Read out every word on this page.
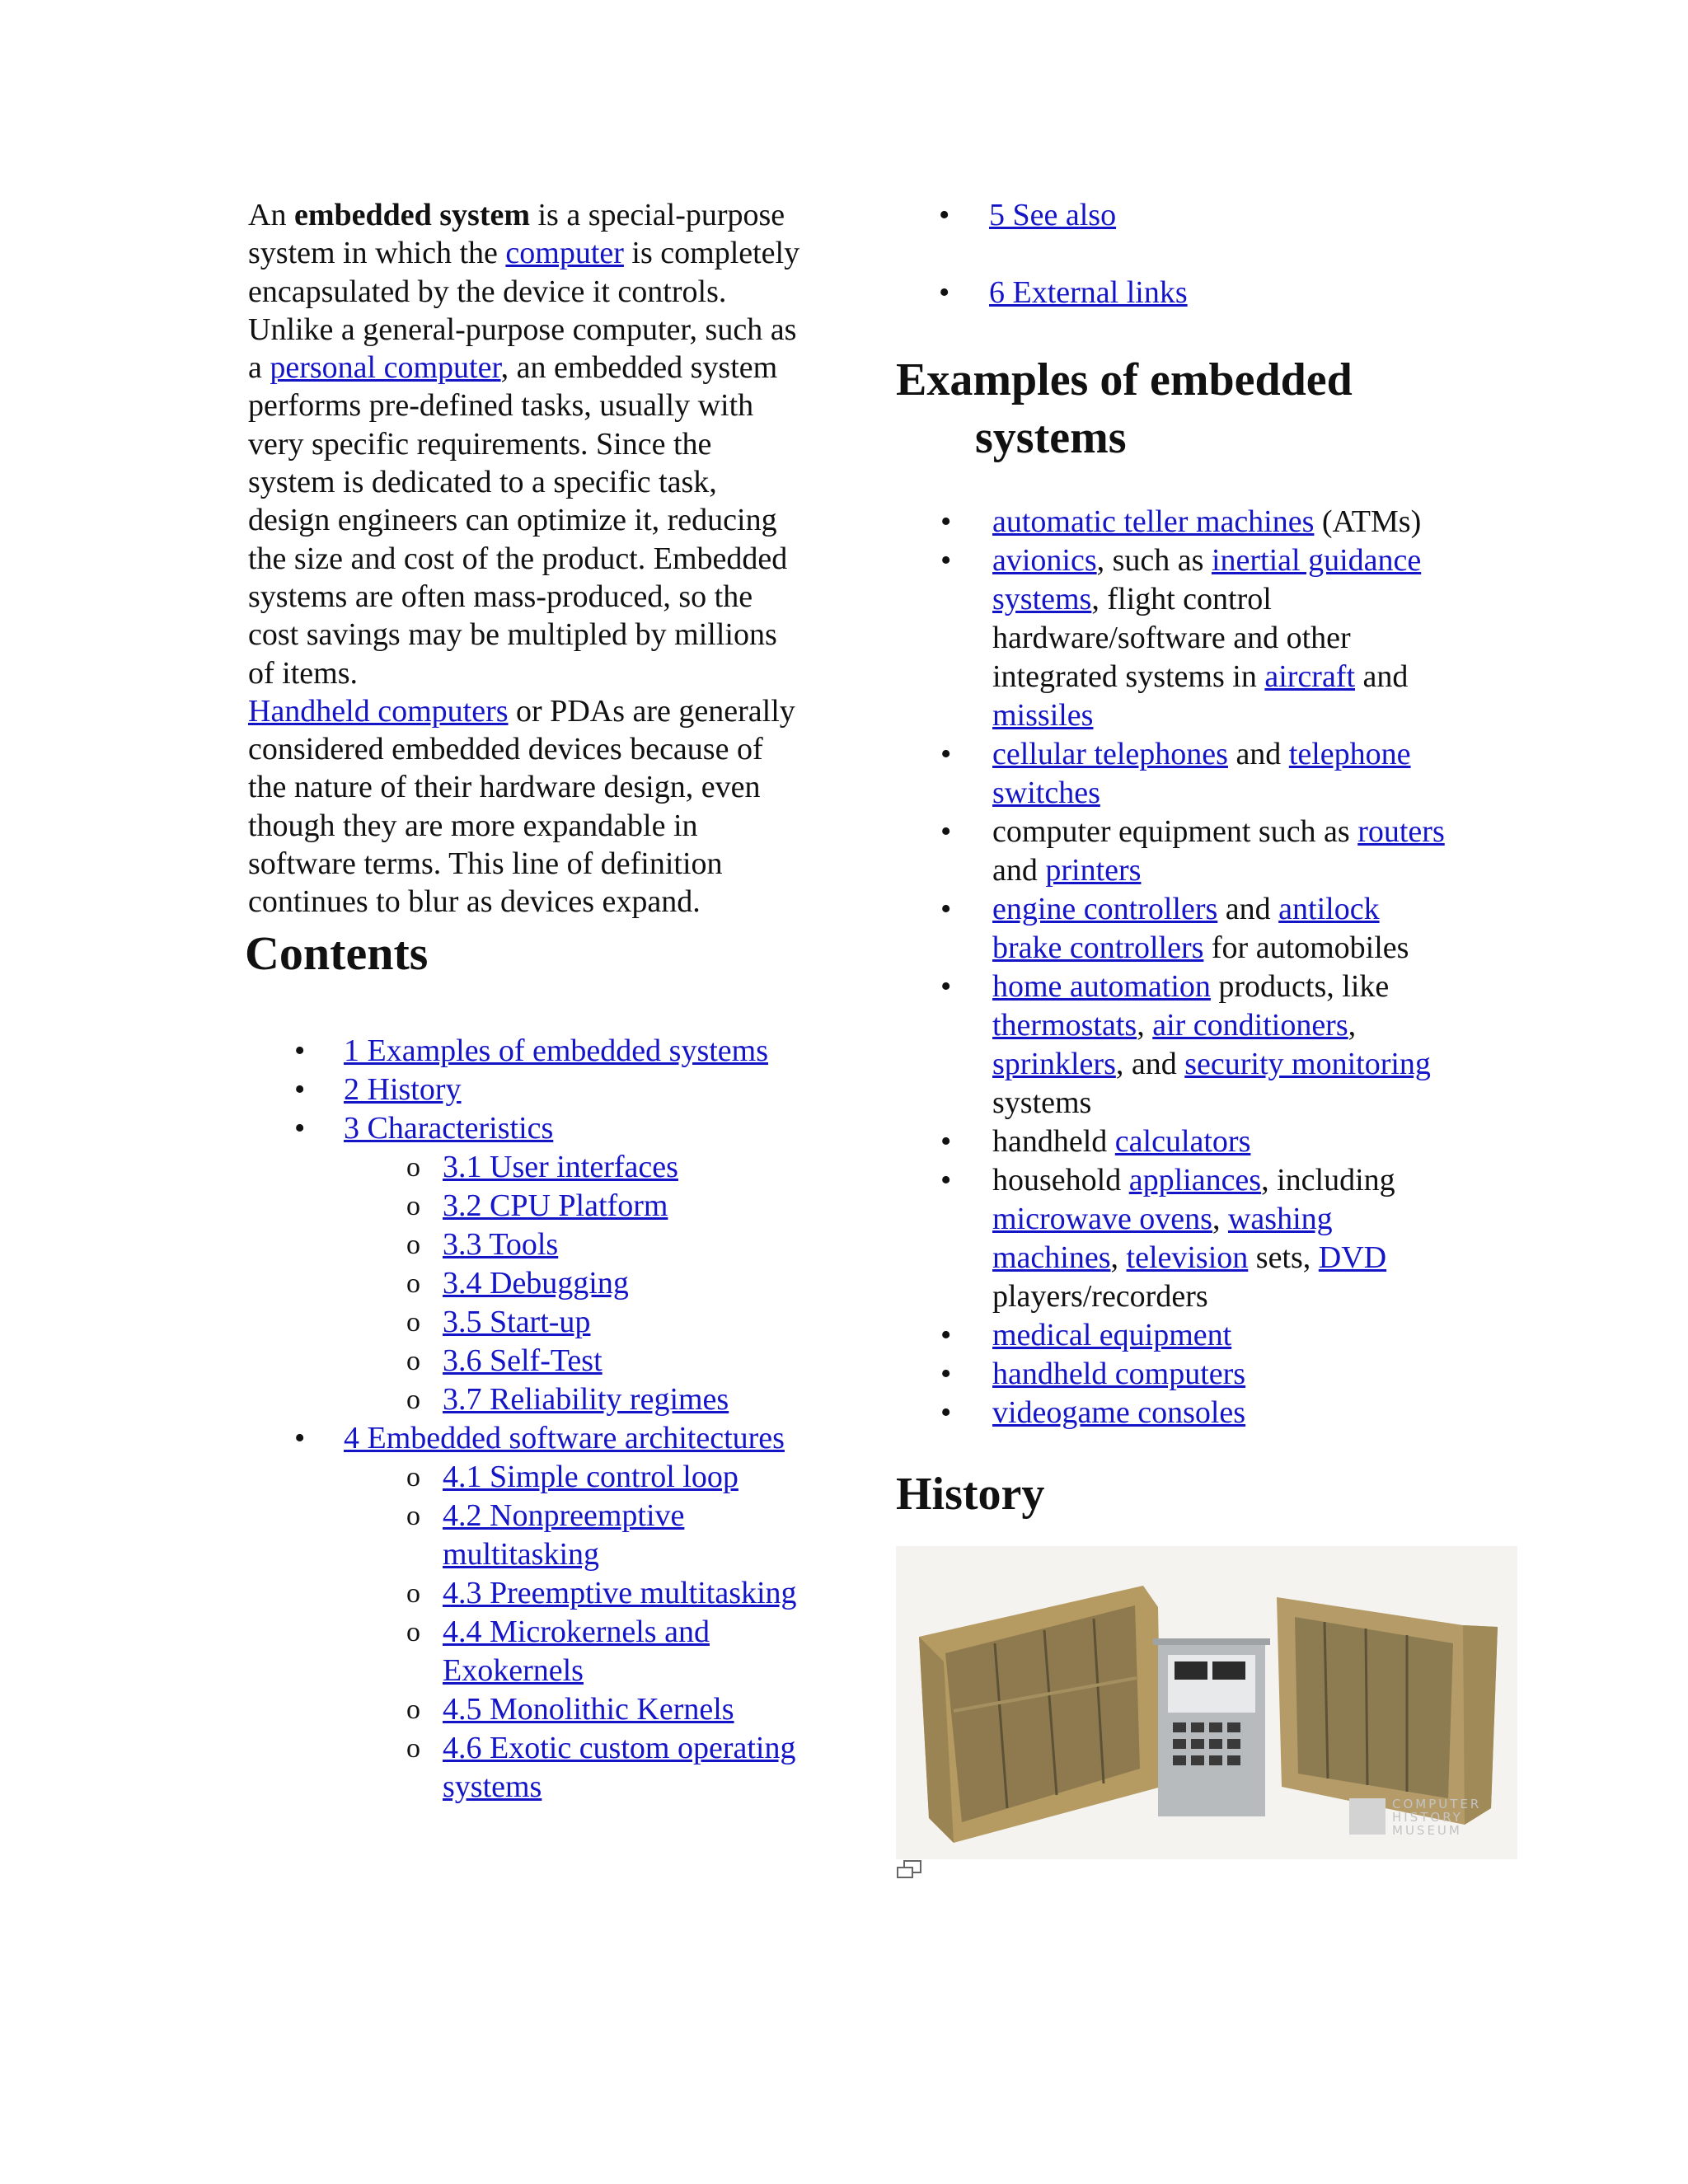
An embedded system is a special-purpose system in which the computer is completely encapsulated by the device it controls. Unlike a general-purpose computer, such as a personal computer, an embedded system performs pre-defined tasks, usually with very specific requirements. Since the system is dedicated to a specific task, design engineers can optimize it, reducing the size and cost of the product. Embedded systems are often mass-produced, so the cost savings may be multipled by millions of items.
Handheld computers or PDAs are generally considered embedded devices because of the nature of their hardware design, even though they are more expandable in software terms. This line of definition continues to blur as devices expand.

Contents
• 1 Examples of embedded systems
• 2 History
• 3 Characteristics
o 3.1 User interfaces
o 3.2 CPU Platform
o 3.3 Tools
o 3.4 Debugging
o 3.5 Start-up
o 3.6 Self-Test
o 3.7 Reliability regimes
• 4 Embedded software architectures
o 4.1 Simple control loop
o 4.2 Nonpreemptive multitasking
o 4.3 Preemptive multitasking
o 4.4 Microkernels and Exokernels
o 4.5 Monolithic Kernels
o 4.6 Exotic custom operating systems
• 5 See also
• 6 External links
Examples of embedded systems
• automatic teller machines (ATMs)
• avionics, such as inertial guidance systems, flight control hardware/software and other integrated systems in aircraft and missiles
• cellular telephones and telephone switches
• computer equipment such as routers and printers
• engine controllers and antilock brake controllers for automobiles
• home automation products, like thermostats, air conditioners, sprinklers, and security monitoring systems
• handheld calculators
• household appliances, including microwave ovens, washing machines, television sets, DVD players/recorders
• medical equipment
• handheld computers
• videogame consoles
History
COMPUTER
HISTORY
MUSEUM
